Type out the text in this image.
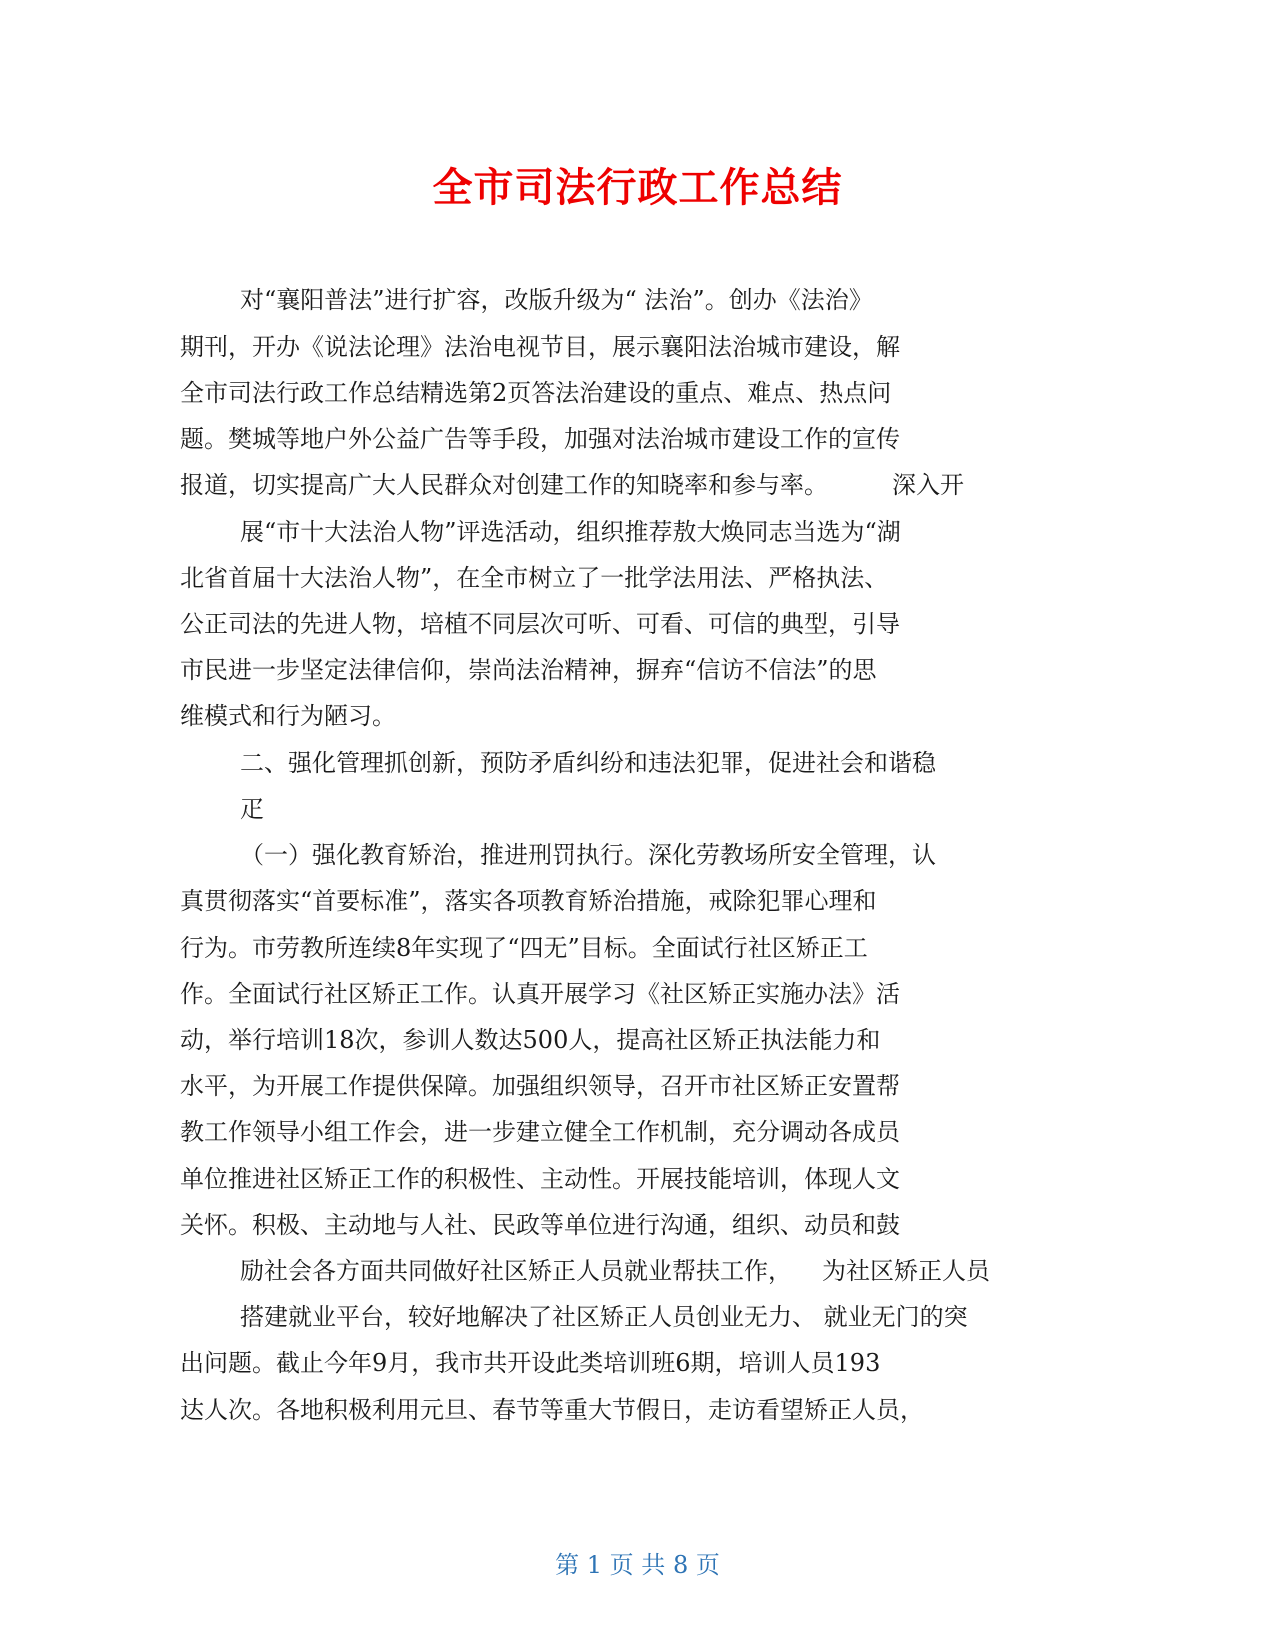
全市司法行政工作总结
对“襄阳普法”进行扩容，改版升级为“ 法治”。创办《法治》
期刊，开办《说法论理》法治电视节目，展示襄阳法治城市建设，解
全市司法行政工作总结精选第2页答法治建设的重点、难点、热点问
题。樊城等地户外公益广告等手段，加强对法治城市建设工作的宣传
报道，切实提高广大人民群众对创建工作的知晓率和参与率。	深入开
展“市十大法治人物”评选活动，组织推荐敖大焕同志当选为“湖
北省首届十大法治人物”，在全市树立了一批学法用法、严格执法、
公正司法的先进人物，培植不同层次可听、可看、可信的典型，引导
市民进一步坚定法律信仰，崇尚法治精神，摒弃“信访不信法”的思
维模式和行为陋习。
二、强化管理抓创新，预防矛盾纠纷和违法犯罪，促进社会和谐稳
疋
（一）强化教育矫治，推进刑罚执行。深化劳教场所安全管理，认
真贯彻落实“首要标准”，落实各项教育矫治措施，戒除犯罪心理和
行为。市劳教所连续8年实现了“四无”目标。全面试行社区矫正工
作。全面试行社区矫正工作。认真开展学习《社区矫正实施办法》活
动，举行培训18次，参训人数达500人，提高社区矫正执法能力和
水平，为开展工作提供保障。加强组织领导，召开市社区矫正安置帮
教工作领导小组工作会，进一步建立健全工作机制，充分调动各成员
单位推进社区矫正工作的积极性、主动性。开展技能培训，体现人文
关怀。积极、主动地与人社、民政等单位进行沟通，组织、动员和鼓
励社会各方面共同做好社区矫正人员就业帮扶工作， 为社区矫正人员
搭建就业平台，较好地解决了社区矫正人员创业无力、 就业无门的突
出问题。截止今年9月，我市共开设此类培训班6期，培训人员193
达人次。各地积极利用元旦、春节等重大节假日，走访看望矫正人员，
第 1 页 共 8 页
